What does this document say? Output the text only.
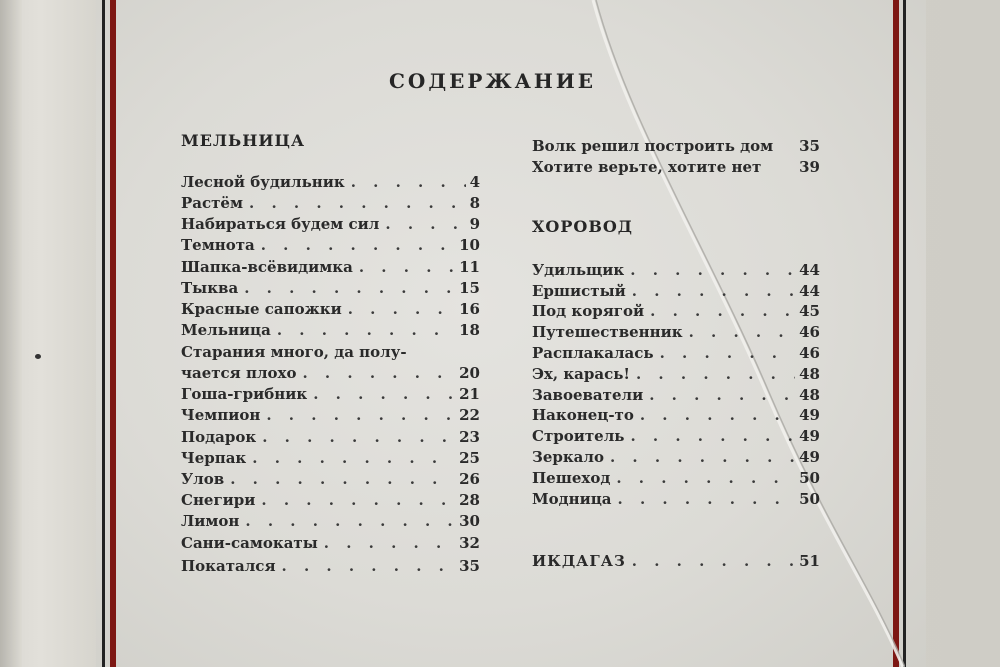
СОДЕРЖАНИЕ
МЕЛЬНИЦА
Лесной будильник . . .	4
Растём . . .	8
Набираться будем сил . . .	9
Темнота . . .	10
Шапка-всёвидимка . . .	11
Тыква . . .	15
Красные сапожки . . .	16
Мельница . . .	18
Старания много, да полу-
чается плохо . . .	20
Гоша-грибник . . .	21
Чемпион . . .	22
Подарок . . .	23
Черпак . . .	25
Улов . . .	26
Снегири . . .	28
Лимон . . .	30
Сани-самокаты . . .	32
Покатался . . .	35
Волк решил построить дом 35
Хотите верьте, хотите нет	39
ХОРОВОД
Удильщик . . .	44
Ершистый . . .	44
Под корягой . . .	45
Путешественник . . .	46
Расплакалась . . .	46
Эх, карась! . . .	48
Завоеватели . . .	48
Наконец-то . . .	49
Строитель . . .	49
Зеркало . . .	49
Пешеход . . .	50
Модница . . .	50
ИКДАГАЗ . . .	51
